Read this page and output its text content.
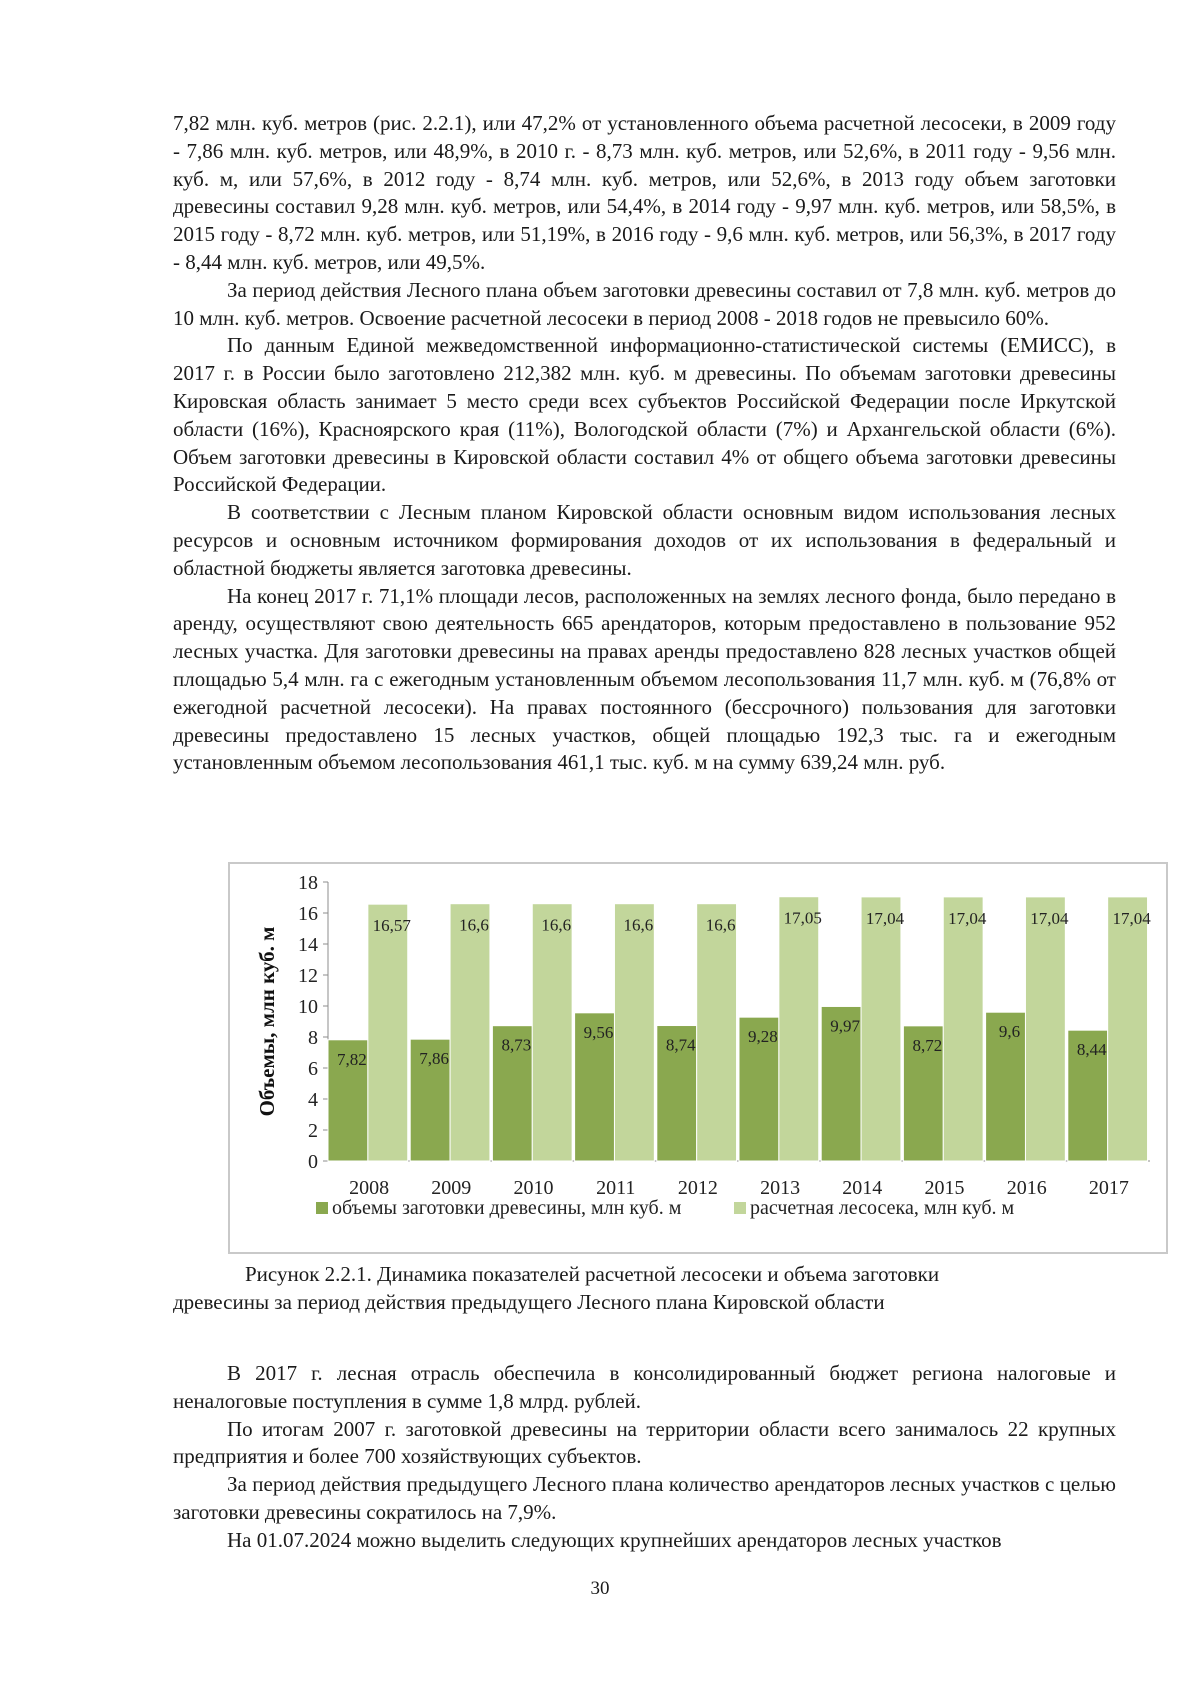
7,82 млн. куб. метров (рис. 2.2.1), или 47,2% от установленного объема расчетной лесосеки, в 2009 году - 7,86 млн. куб. метров, или 48,9%, в 2010 г. - 8,73 млн. куб. метров, или 52,6%, в 2011 году - 9,56 млн. куб. м, или 57,6%, в 2012 году - 8,74 млн. куб. метров, или 52,6%, в 2013 году объем заготовки древесины составил 9,28 млн. куб. метров, или 54,4%, в 2014 году - 9,97 млн. куб. метров, или 58,5%, в 2015 году - 8,72 млн. куб. метров, или 51,19%, в 2016 году - 9,6 млн. куб. метров, или 56,3%, в 2017 году - 8,44 млн. куб. метров, или 49,5%.

За период действия Лесного плана объем заготовки древесины составил от 7,8 млн. куб. метров до 10 млн. куб. метров. Освоение расчетной лесосеки в период 2008 - 2018 годов не превысило 60%.

По данным Единой межведомственной информационно-статистической системы (ЕМИСС), в 2017 г. в России было заготовлено 212,382 млн. куб. м древесины. По объемам заготовки древесины Кировская область занимает 5 место среди всех субъектов Российской Федерации после Иркутской области (16%), Красноярского края (11%), Вологодской области (7%) и Архангельской области (6%). Объем заготовки древесины в Кировской области составил 4% от общего объема заготовки древесины Российской Федерации.

В соответствии с Лесным планом Кировской области основным видом использования лесных ресурсов и основным источником формирования доходов от их использования в федеральный и областной бюджеты является заготовка древесины.

На конец 2017 г. 71,1% площади лесов, расположенных на землях лесного фонда, было передано в аренду, осуществляют свою деятельность 665 арендаторов, которым предоставлено в пользование 952 лесных участка. Для заготовки древесины на правах аренды предоставлено 828 лесных участков общей площадью 5,4 млн. га с ежегодным установленным объемом лесопользования 11,7 млн. куб. м (76,8% от ежегодной расчетной лесосеки). На правах постоянного (бессрочного) пользования для заготовки древесины предоставлено 15 лесных участков, общей площадью 192,3 тыс. га и ежегодным установленным объемом лесопользования 461,1 тыс. куб. м на сумму 639,24 млн. руб.

0
2
4
6
8
10
12
14
16
18
Объемы, млн куб. м	7,82
16,57
2008
7,86
16,6
2009
8,73
16,6
2010
9,56
16,6
2011
8,74
16,6
2012
9,28
17,05
2013
9,97
17,04
2014
8,72
17,04
2015
9,6
17,04
2016
8,44
17,04
2017
объемы заготовки древесины, млн куб. м	расчетная лесосека, млн куб. м
Рисунок 2.2.1. Динамика показателей расчетной лесосеки и объема заготовки
древесины за период действия предыдущего Лесного плана Кировской области

В 2017 г. лесная отрасль обеспечила в консолидированный бюджет региона налоговые и неналоговые поступления в сумме 1,8 млрд. рублей.

По итогам 2007 г. заготовкой древесины на территории области всего занималось 22 крупных предприятия и более 700 хозяйствующих субъектов.

За период действия предыдущего Лесного плана количество арендаторов лесных участков с целью заготовки древесины сократилось на 7,9%.

На 01.07.2024 можно выделить следующих крупнейших арендаторов лесных участков

30
